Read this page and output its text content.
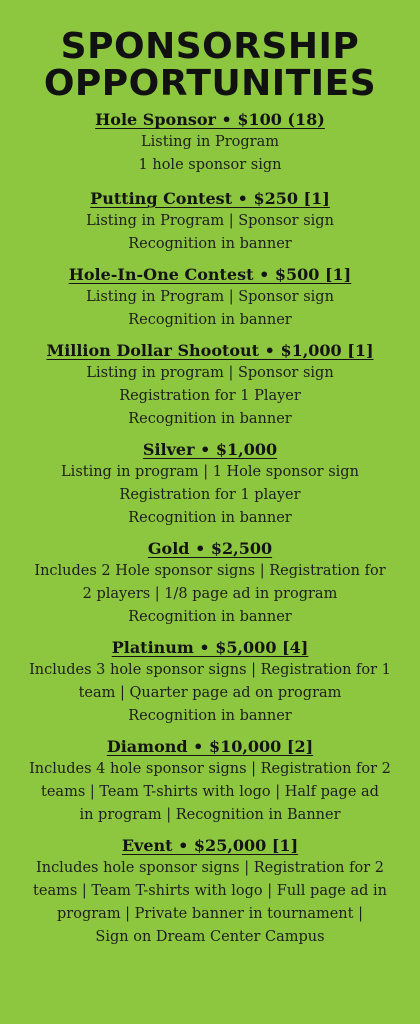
SPONSORSHIP
OPPORTUNITIES
Hole Sponsor • $100 (18)
Listing in Program
1 hole sponsor sign
Putting Contest • $250 [1]
Listing in Program | Sponsor sign
Recognition in banner
Hole-In-One Contest • $500 [1]
Listing in Program | Sponsor sign
Recognition in banner
Million Dollar Shootout • $1,000 [1]
Listing in program | Sponsor sign
Registration for 1 Player
Recognition in banner
Silver • $1,000
Listing in program | 1 Hole sponsor sign
Registration for 1 player
Recognition in banner
Gold • $2,500
Includes 2 Hole sponsor signs | Registration for
2 players | 1/8 page ad in program
Recognition in banner
Platinum • $5,000 [4]
Includes 3 hole sponsor signs | Registration for 1
team | Quarter page ad on program
Recognition in banner
Diamond • $10,000 [2]
Includes 4 hole sponsor signs | Registration for 2
teams | Team T-shirts with logo | Half page ad
in program | Recognition in Banner
Event • $25,000 [1]
Includes hole sponsor signs | Registration for 2
teams | Team T-shirts with logo | Full page ad in
program | Private banner in tournament |
Sign on Dream Center Campus
